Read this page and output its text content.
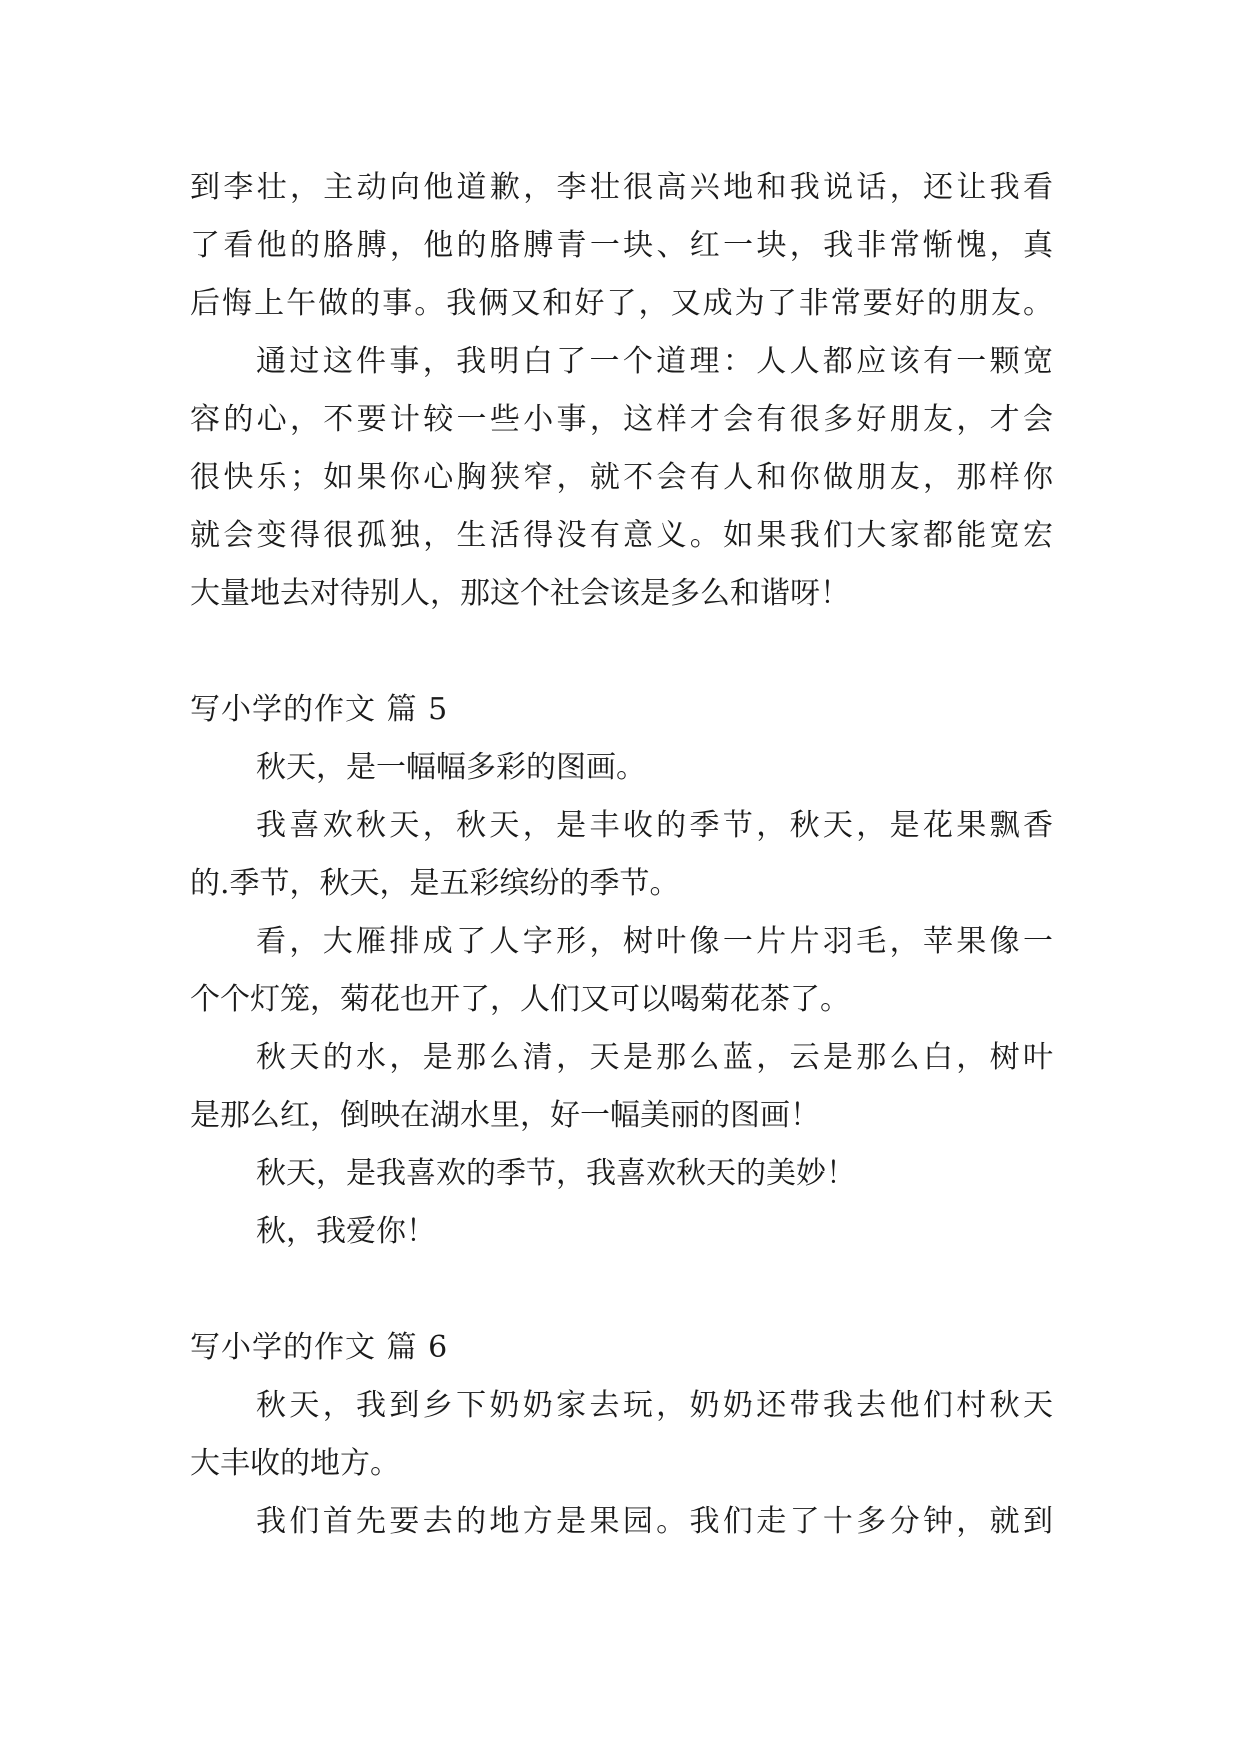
到李壮，主动向他道歉，李壮很高兴地和我说话，还让我看
了看他的胳膊，他的胳膊青一块、红一块，我非常惭愧，真
后悔上午做的事。我俩又和好了，又成为了非常要好的朋友。
通过这件事，我明白了一个道理：人人都应该有一颗宽
容的心，不要计较一些小事，这样才会有很多好朋友，才会
很快乐；如果你心胸狭窄，就不会有人和你做朋友，那样你
就会变得很孤独，生活得没有意义。如果我们大家都能宽宏
大量地去对待别人，那这个社会该是多么和谐呀！
写小学的作文 篇 5
秋天，是一幅幅多彩的图画。
我喜欢秋天，秋天，是丰收的季节，秋天，是花果飘香
的.季节，秋天，是五彩缤纷的季节。
看，大雁排成了人字形，树叶像一片片羽毛，苹果像一
个个灯笼，菊花也开了，人们又可以喝菊花茶了。
秋天的水，是那么清，天是那么蓝，云是那么白，树叶
是那么红，倒映在湖水里，好一幅美丽的图画！
秋天，是我喜欢的季节，我喜欢秋天的美妙！
秋，我爱你！
写小学的作文 篇 6
秋天，我到乡下奶奶家去玩，奶奶还带我去他们村秋天
大丰收的地方。
我们首先要去的地方是果园。我们走了十多分钟，就到
